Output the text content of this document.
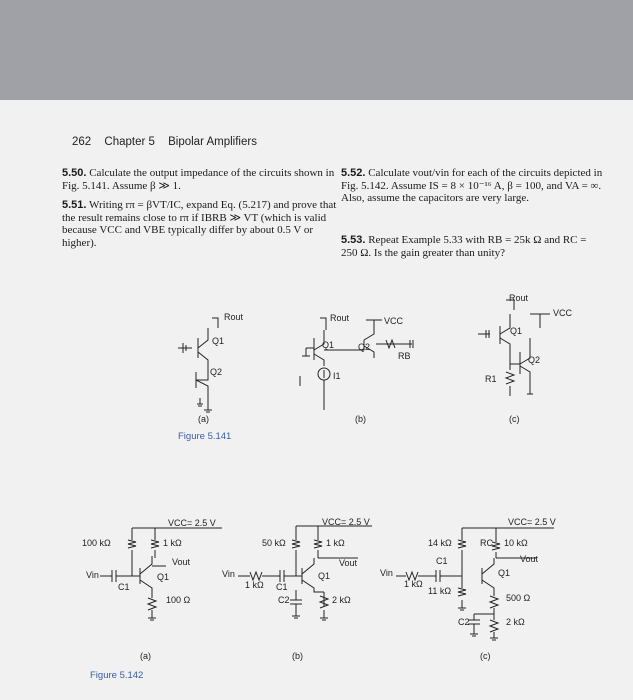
262 Chapter 5 Bipolar Amplifiers
5.50. Calculate the output impedance of the circuits shown in Fig. 5.141. Assume β ≫ 1.
5.51. Writing rπ = βVT/IC, expand Eq. (5.217) and prove that the result remains close to rπ if IBRB ≫ VT (which is valid because VCC and VBE typically differ by about 0.5 V or higher).
5.52. Calculate vout/vin for each of the circuits depicted in Fig. 5.142. Assume IS = 8 × 10⁻¹⁶ A, β = 100, and VA = ∞. Also, assume the capacitors are very large.
5.53. Repeat Example 5.33 with RB = 25k Ω and RC = 250 Ω. Is the gain greater than unity?
Rout
Q1
Q2
Rout	VCC
Q1	Q2
RB
I1
Rout
VCC
Q1
Q2
R1
(a)	(b)	(c)
Figure 5.141
VCC= 2.5 V
100 kΩ	1 kΩ
Vout
Vin
C1
Q1
100 Ω
VCC= 2.5 V
50 kΩ	1 kΩ
Vout
Vin
1 kΩ C1
Q1
C2	2 kΩ
VCC= 2.5 V
14 kΩ	RC 10 kΩ
Vout
C1
Vin
1 kΩ
Q1
11 kΩ
500 Ω
C2	2 kΩ
(a)	(b)	(c)
Figure 5.142
